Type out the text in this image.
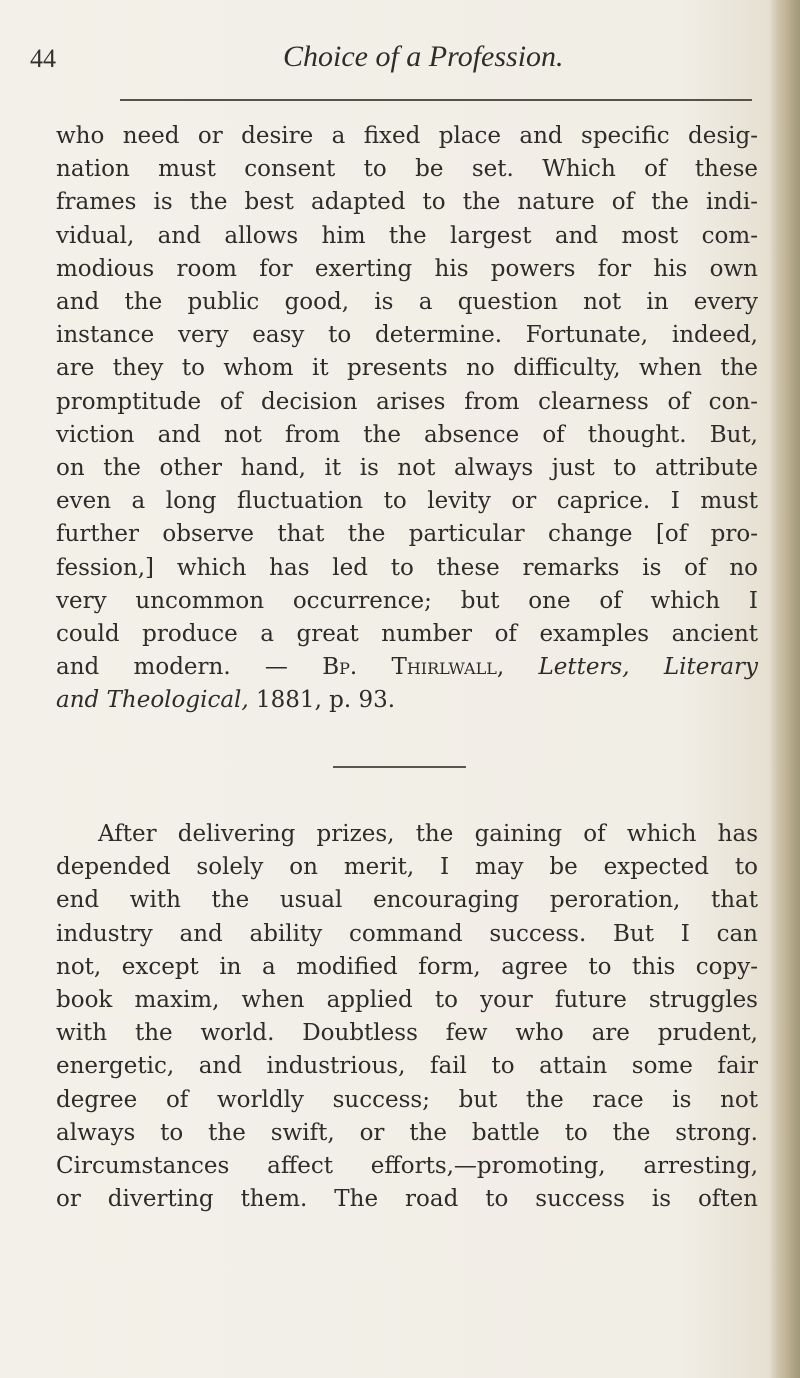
44	Choice of a Profession.
who need or desire a fixed place and specific desig-
nation must consent to be set. Which of these
frames is the best adapted to the nature of the indi-
vidual, and allows him the largest and most com-
modious room for exerting his powers for his own
and the public good, is a question not in every
instance very easy to determine. Fortunate, indeed,
are they to whom it presents no difficulty, when the
promptitude of decision arises from clearness of con-
viction and not from the absence of thought. But,
on the other hand, it is not always just to attribute
even a long fluctuation to levity or caprice. I must
further observe that the particular change [of pro-
fession,] which has led to these remarks is of no
very uncommon occurrence; but one of which I
could produce a great number of examples ancient
and modern. — Bp. Thirlwall, Letters, Literary
and Theological, 1881, p. 93.
After delivering prizes, the gaining of which has
depended solely on merit, I may be expected to
end with the usual encouraging peroration, that
industry and ability command success. But I can
not, except in a modified form, agree to this copy-
book maxim, when applied to your future struggles
with the world. Doubtless few who are prudent,
energetic, and industrious, fail to attain some fair
degree of worldly success; but the race is not
always to the swift, or the battle to the strong.
Circumstances affect efforts,—promoting, arresting,
or diverting them. The road to success is often
